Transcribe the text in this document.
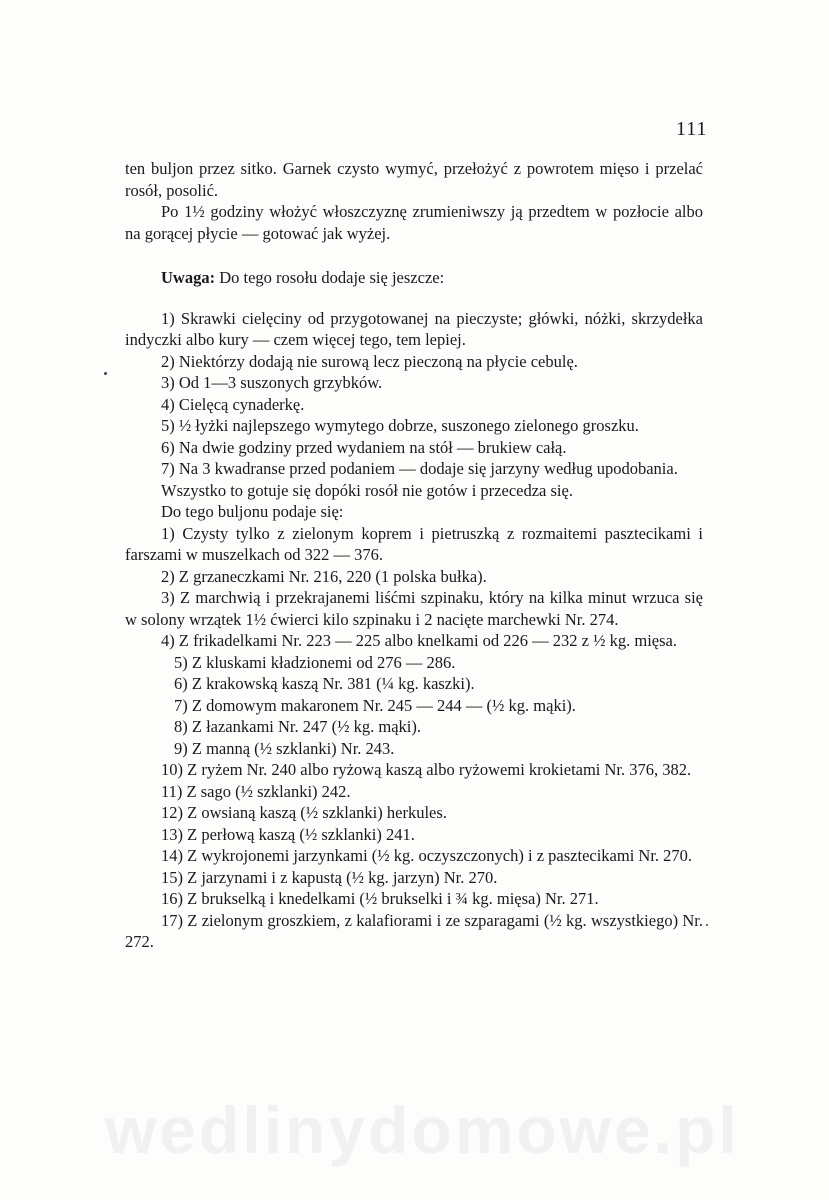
111

ten buljon przez sitko. Garnek czysto wymyć, przełożyć z powrotem mięso i przelać rosół, posolić.

Po 1½ godziny włożyć włoszczyznę zrumieniwszy ją przedtem w pozłocie albo na gorącej płycie — gotować jak wyżej.

Uwaga: Do tego rosołu dodaje się jeszcze:

1) Skrawki cielęciny od przygotowanej na pieczyste; główki, nóżki, skrzydełka indyczki albo kury — czem więcej tego, tem lepiej.

2) Niektórzy dodają nie surową lecz pieczoną na płycie cebulę.

3) Od 1—3 suszonych grzybków.

4) Cielęcą cynaderkę.

5) ½ łyżki najlepszego wymytego dobrze, suszonego zielonego groszku.

6) Na dwie godziny przed wydaniem na stół — brukiew całą.

7) Na 3 kwadranse przed podaniem — dodaje się jarzyny według upodobania.

Wszystko to gotuje się dopóki rosół nie gotów i przecedza się.

Do tego buljonu podaje się:

1) Czysty tylko z zielonym koprem i pietruszką z rozmaitemi pasztecikami i farszami w muszelkach od 322 — 376.

2) Z grzaneczkami Nr. 216, 220 (1 polska bułka).

3) Z marchwią i przekrajanemi liśćmi szpinaku, który na kilka minut wrzuca się w solony wrzątek 1½ ćwierci kilo szpinaku i 2 nacięte marchewki Nr. 274.

4) Z frikadelkami Nr. 223 — 225 albo knelkami od 226 — 232 z ½ kg. mięsa.

5) Z kluskami kładzionemi od 276 — 286.

6) Z krakowską kaszą Nr. 381 (¼ kg. kaszki).

7) Z domowym makaronem Nr. 245 — 244 — (½ kg. mąki).

8) Z łazankami Nr. 247 (½ kg. mąki).

9) Z manną (½ szklanki) Nr. 243.

10) Z ryżem Nr. 240 albo ryżową kaszą albo ryżowemi krokietami Nr. 376, 382.

11) Z sago (½ szklanki) 242.

12) Z owsianą kaszą (½ szklanki) herkules.

13) Z perłową kaszą (½ szklanki) 241.

14) Z wykrojonemi jarzynkami (½ kg. oczyszczonych) i z pasztecikami Nr. 270.

15) Z jarzynami i z kapustą (½ kg. jarzyn) Nr. 270.

16) Z brukselką i knedelkami (½ brukselki i ¾ kg. mięsa) Nr. 271.

17) Z zielonym groszkiem, z kalafiorami i ze szparagami (½ kg. wszystkiego) Nr. 272.

wedlinydomowe.pl
